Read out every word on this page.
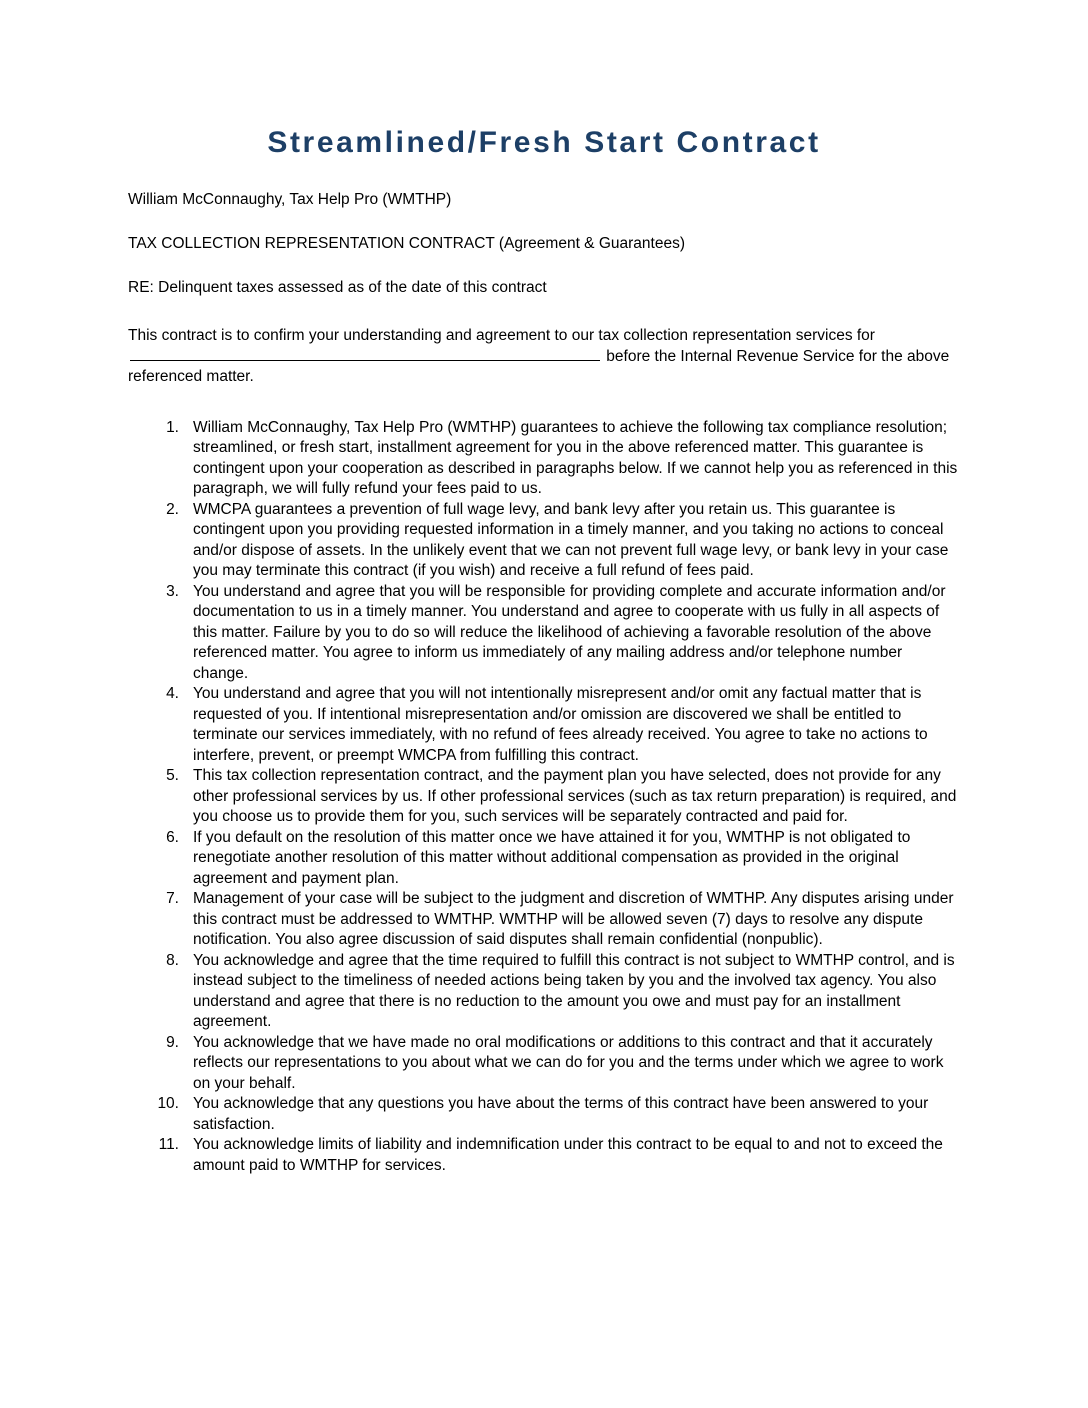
Streamlined/Fresh Start Contract

William McConnaughy, Tax Help Pro (WMTHP)

TAX COLLECTION REPRESENTATION CONTRACT (Agreement & Guarantees)

RE: Delinquent taxes assessed as of the date of this contract

This contract is to confirm your understanding and agreement to our tax collection representation services for  before the Internal Revenue Service for the above referenced matter.

1. William McConnaughy, Tax Help Pro (WMTHP) guarantees to achieve the following tax compliance resolution; streamlined, or fresh start, installment agreement for you in the above referenced matter. This guarantee is contingent upon your cooperation as described in paragraphs below. If we cannot help you as referenced in this paragraph, we will fully refund your fees paid to us.
2. WMCPA guarantees a prevention of full wage levy, and bank levy after you retain us. This guarantee is contingent upon you providing requested information in a timely manner, and you taking no actions to conceal and/or dispose of assets. In the unlikely event that we can not prevent full wage levy, or bank levy in your case you may terminate this contract (if you wish) and receive a full refund of fees paid.
3. You understand and agree that you will be responsible for providing complete and accurate information and/or documentation to us in a timely manner. You understand and agree to cooperate with us fully in all aspects of this matter. Failure by you to do so will reduce the likelihood of achieving a favorable resolution of the above referenced matter. You agree to inform us immediately of any mailing address and/or telephone number change.
4. You understand and agree that you will not intentionally misrepresent and/or omit any factual matter that is requested of you. If intentional misrepresentation and/or omission are discovered we shall be entitled to terminate our services immediately, with no refund of fees already received. You agree to take no actions to interfere, prevent, or preempt WMCPA from fulfilling this contract.
5. This tax collection representation contract, and the payment plan you have selected, does not provide for any other professional services by us. If other professional services (such as tax return preparation) is required, and you choose us to provide them for you, such services will be separately contracted and paid for.
6. If you default on the resolution of this matter once we have attained it for you, WMTHP is not obligated to renegotiate another resolution of this matter without additional compensation as provided in the original agreement and payment plan.
7. Management of your case will be subject to the judgment and discretion of WMTHP. Any disputes arising under this contract must be addressed to WMTHP. WMTHP will be allowed seven (7) days to resolve any dispute notification. You also agree discussion of said disputes shall remain confidential (nonpublic).
8. You acknowledge and agree that the time required to fulfill this contract is not subject to WMTHP control, and is instead subject to the timeliness of needed actions being taken by you and the involved tax agency. You also understand and agree that there is no reduction to the amount you owe and must pay for an installment agreement.
9. You acknowledge that we have made no oral modifications or additions to this contract and that it accurately reflects our representations to you about what we can do for you and the terms under which we agree to work on your behalf.
10. You acknowledge that any questions you have about the terms of this contract have been answered to your satisfaction.
11. You acknowledge limits of liability and indemnification under this contract to be equal to and not to exceed the amount paid to WMTHP for services.
